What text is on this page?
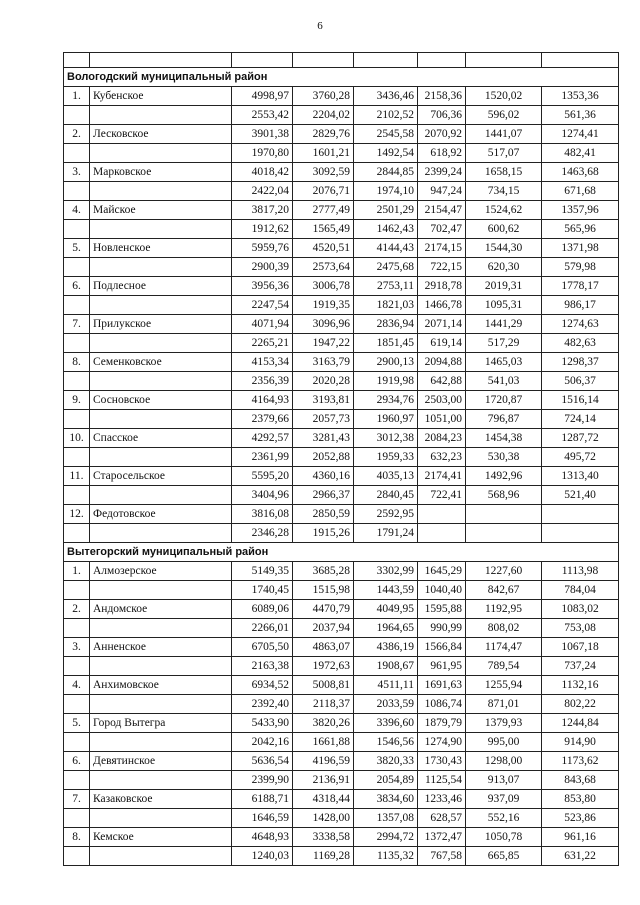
6

Вологодский муниципальный район							
1.	Кубенское	4998,97	3760,28	3436,46	2158,36	1520,02	1353,36
		2553,42	2204,02	2102,52	706,36	596,02	561,36
2.	Лесковское	3901,38	2829,76	2545,58	2070,92	1441,07	1274,41
		1970,80	1601,21	1492,54	618,92	517,07	482,41
3.	Марковское	4018,42	3092,59	2844,85	2399,24	1658,15	1463,68
		2422,04	2076,71	1974,10	947,24	734,15	671,68
4.	Майское	3817,20	2777,49	2501,29	2154,47	1524,62	1357,96
		1912,62	1565,49	1462,43	702,47	600,62	565,96
5.	Новленское	5959,76	4520,51	4144,43	2174,15	1544,30	1371,98
		2900,39	2573,64	2475,68	722,15	620,30	579,98
6.	Подлесное	3956,36	3006,78	2753,11	2918,78	2019,31	1778,17
		2247,54	1919,35	1821,03	1466,78	1095,31	986,17
7.	Прилукское	4071,94	3096,96	2836,94	2071,14	1441,29	1274,63
		2265,21	1947,22	1851,45	619,14	517,29	482,63
8.	Семенковское	4153,34	3163,79	2900,13	2094,88	1465,03	1298,37
		2356,39	2020,28	1919,98	642,88	541,03	506,37
9.	Сосновское	4164,93	3193,81	2934,76	2503,00	1720,87	1516,14
		2379,66	2057,73	1960,97	1051,00	796,87	724,14
10.	Спасское	4292,57	3281,43	3012,38	2084,23	1454,38	1287,72
		2361,99	2052,88	1959,33	632,23	530,38	495,72
11.	Старосельское	5595,20	4360,16	4035,13	2174,41	1492,96	1313,40
		3404,96	2966,37	2840,45	722,41	568,96	521,40
12.	Федотовское	3816,08	2850,59	2592,95			
		2346,28	1915,26	1791,24			
Вытегорский муниципальный район							
1.	Алмозерское	5149,35	3685,28	3302,99	1645,29	1227,60	1113,98
		1740,45	1515,98	1443,59	1040,40	842,67	784,04
2.	Андомское	6089,06	4470,79	4049,95	1595,88	1192,95	1083,02
		2266,01	2037,94	1964,65	990,99	808,02	753,08
3.	Анненское	6705,50	4863,07	4386,19	1566,84	1174,47	1067,18
		2163,38	1972,63	1908,67	961,95	789,54	737,24
4.	Анхимовское	6934,52	5008,81	4511,11	1691,63	1255,94	1132,16
		2392,40	2118,37	2033,59	1086,74	871,01	802,22
5.	Город Вытегра	5433,90	3820,26	3396,60	1879,79	1379,93	1244,84
		2042,16	1661,88	1546,56	1274,90	995,00	914,90
6.	Девятинское	5636,54	4196,59	3820,33	1730,43	1298,00	1173,62
		2399,90	2136,91	2054,89	1125,54	913,07	843,68
7.	Казаковское	6188,71	4318,44	3834,60	1233,46	937,09	853,80
		1646,59	1428,00	1357,08	628,57	552,16	523,86
8.	Кемское	4648,93	3338,58	2994,72	1372,47	1050,78	961,16
		1240,03	1169,28	1135,32	767,58	665,85	631,22
